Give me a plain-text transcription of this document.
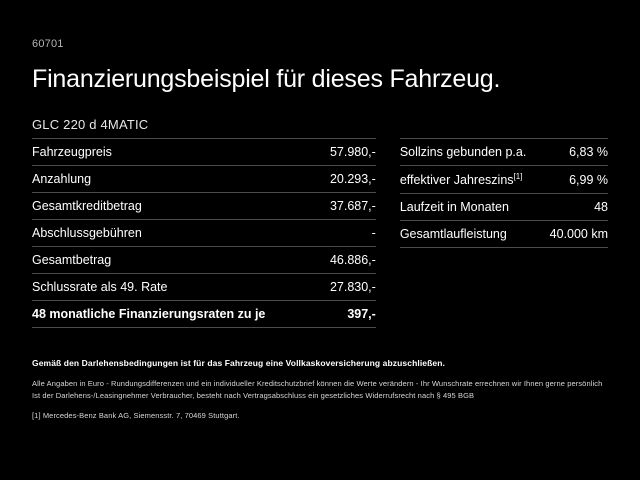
60701
Finanzierungsbeispiel für dieses Fahrzeug.
GLC 220 d 4MATIC
Fahrzeugpreis	57.980,-
Anzahlung	20.293,-
Gesamtkreditbetrag	37.687,-
Abschlussgebühren	-
Gesamtbetrag	46.886,-
Schlussrate als 49. Rate	27.830,-
48 monatliche Finanzierungsraten zu je	397,-
Sollzins gebunden p.a.	6,83 %
effektiver Jahreszins[1]	6,99 %
Laufzeit in Monaten	48
Gesamtlaufleistung	40.000 km
Gemäß den Darlehensbedingungen ist für das Fahrzeug eine Vollkaskoversicherung abzuschließen.
Alle Angaben in Euro - Rundungsdifferenzen und ein individueller Kreditschutzbrief können die Werte verändern - Ihr Wunschrate errechnen wir Ihnen gerne persönlich
Ist der Darlehens-/Leasingnehmer Verbraucher, besteht nach Vertragsabschluss ein gesetzliches Widerrufsrecht nach § 495 BGB
[1] Mercedes-Benz Bank AG, Siemensstr. 7, 70469 Stuttgart.
